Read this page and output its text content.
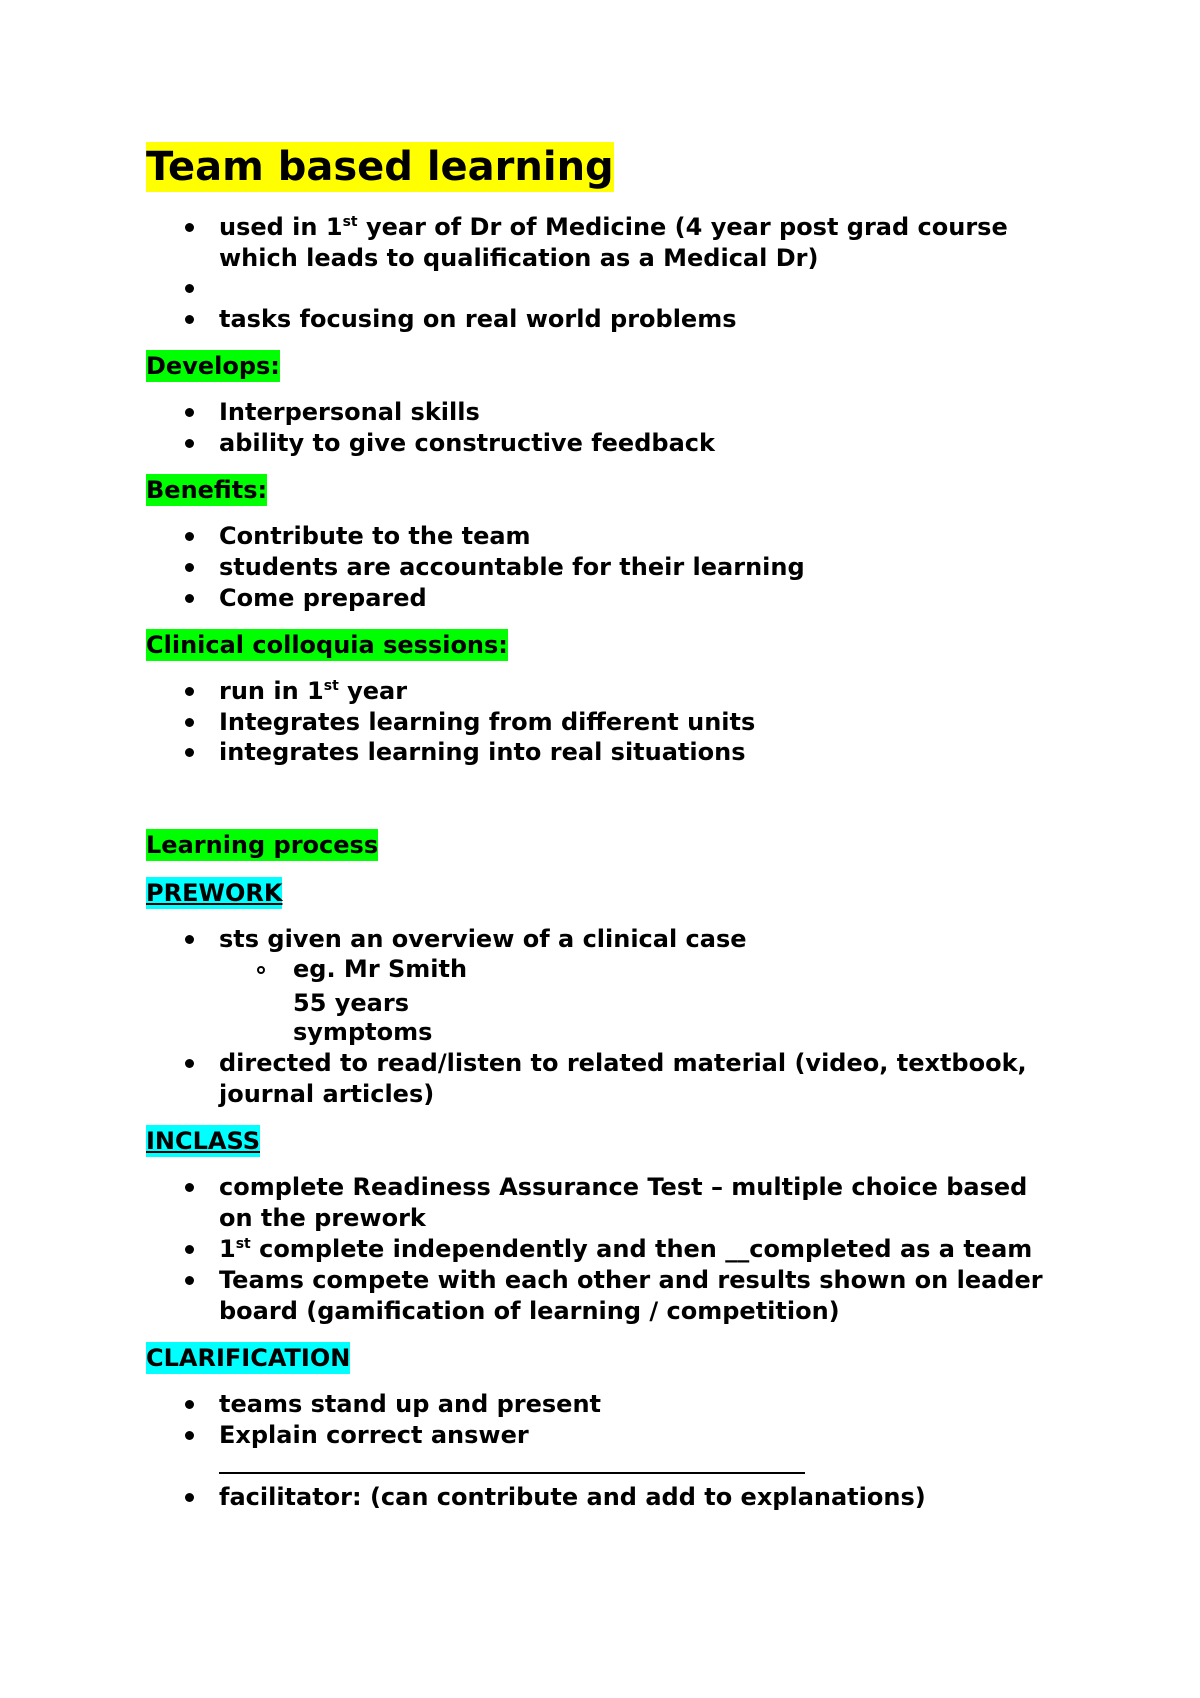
Team based learning
used in 1st year of Dr of Medicine (4 year post grad course
which leads to qualification as a Medical Dr)
tasks focusing on real world problems
Develops:
Interpersonal skills
ability to give constructive feedback
Benefits:
Contribute to the team
students are accountable for their learning
Come prepared
Clinical colloquia sessions:
run in 1st year
Integrates learning from different units
integrates learning into real situations
Learning process
PREWORK
sts given an overview of a clinical case
eg. Mr Smith
55 years
symptoms
directed to read/listen to related material (video, textbook,
journal articles)
INCLASS
complete Readiness Assurance Test – multiple choice based
on the prework
1st complete independently and then __completed as a team
Teams compete with each other and results shown on leader
board (gamification of learning / competition)
CLARIFICATION
teams stand up and present
Explain correct answer
facilitator: (can contribute and add to explanations)
